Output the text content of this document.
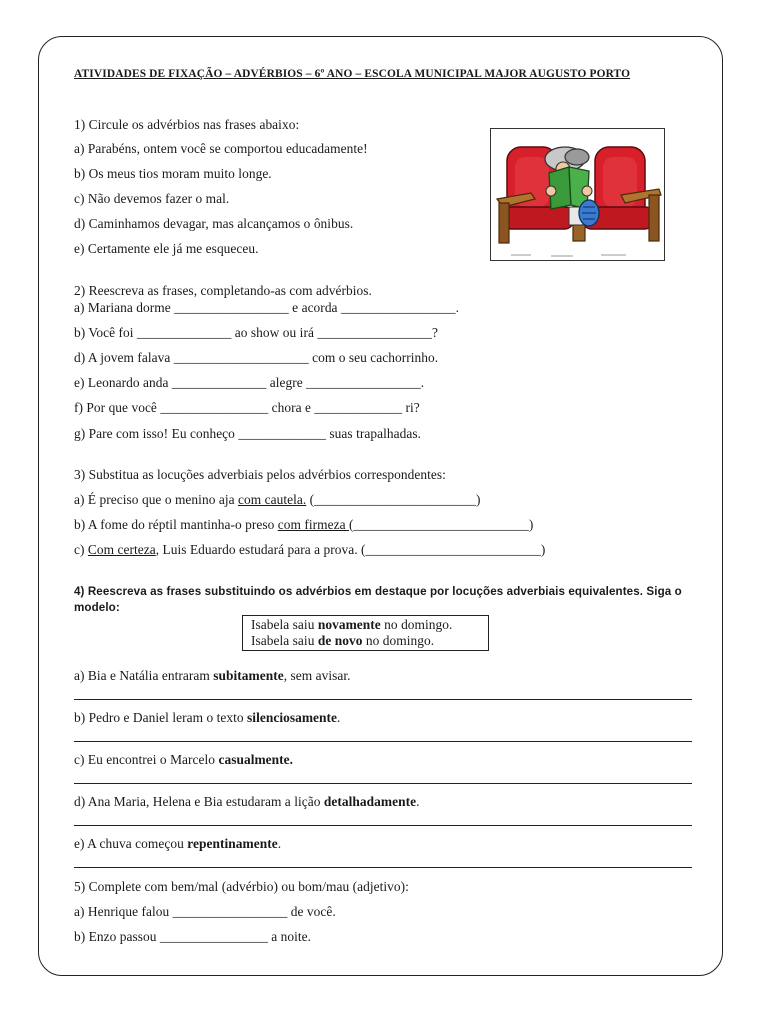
ATIVIDADES DE FIXAÇÃO – ADVÉRBIOS – 6º ANO – ESCOLA MUNICIPAL MAJOR AUGUSTO PORTO
1) Circule os advérbios nas frases abaixo:
a) Parabéns, ontem você se comportou educadamente!
b) Os meus tios moram muito longe.
c) Não devemos fazer o mal.
d) Caminhamos devagar, mas alcançamos o ônibus.
e) Certamente ele já me esqueceu.
2) Reescreva as frases, completando-as com advérbios.
a) Mariana dorme _________________ e acorda _________________.
b) Você foi ______________ ao show ou irá _________________?
d) A jovem falava ____________________ com o seu cachorrinho.
e) Leonardo anda ______________ alegre _________________.
f) Por que você ________________ chora e _____________ ri?
g) Pare com isso! Eu conheço _____________ suas trapalhadas.
3) Substitua as locuções adverbiais pelos advérbios correspondentes:
a) É preciso que o menino aja com cautela. (________________________)
b) A fome do réptil mantinha-o preso com firmeza (__________________________)
c) Com certeza, Luis Eduardo estudará para a prova. (__________________________)
4) Reescreva as frases substituindo os advérbios em destaque por locuções adverbiais equivalentes. Siga o
modelo:
Isabela saiu novamente no domingo.
Isabela saiu de novo no domingo.
a) Bia e Natália entraram subitamente, sem avisar.
b) Pedro e Daniel leram o texto silenciosamente.
c) Eu encontrei o Marcelo casualmente.
d) Ana Maria, Helena e Bia estudaram a lição detalhadamente.
e) A chuva começou repentinamente.
5) Complete com bem/mal (advérbio) ou bom/mau (adjetivo):
a) Henrique falou _________________ de você.
b) Enzo passou ________________ a noite.
